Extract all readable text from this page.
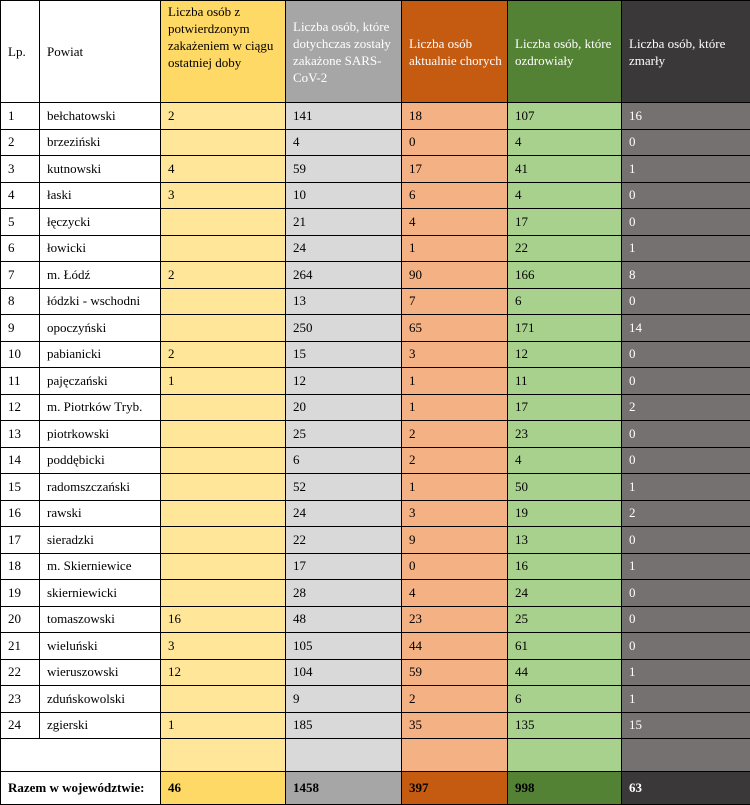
Lp.	Powiat	Liczba osób z potwierdzonym zakażeniem w ciągu ostatniej doby	Liczba osób, które dotychczas zostały zakażone SARS-CoV-2	Liczba osób aktualnie chorych	Liczba osób, które ozdrowiały	Liczba osób, które zmarły
1	bełchatowski	2	141	18	107	16
2	brzeziński		4	0	4	0
3	kutnowski	4	59	17	41	1
4	łaski	3	10	6	4	0
5	łęczycki		21	4	17	0
6	łowicki		24	1	22	1
7	m. Łódź	2	264	90	166	8
8	łódzki - wschodni		13	7	6	0
9	opoczyński		250	65	171	14
10	pabianicki	2	15	3	12	0
11	pajęczański	1	12	1	11	0
12	m. Piotrków Tryb.		20	1	17	2
13	piotrkowski		25	2	23	0
14	poddębicki		6	2	4	0
15	radomszczański		52	1	50	1
16	rawski		24	3	19	2
17	sieradzki		22	9	13	0
18	m. Skierniewice		17	0	16	1
19	skierniewicki		28	4	24	0
20	tomaszowski	16	48	23	25	0
21	wieluński	3	105	44	61	0
22	wieruszowski	12	104	59	44	1
23	zduńskowolski		9	2	6	1
24	zgierski	1	185	35	135	15

Razem w województwie:		46	1458	397	998	63
